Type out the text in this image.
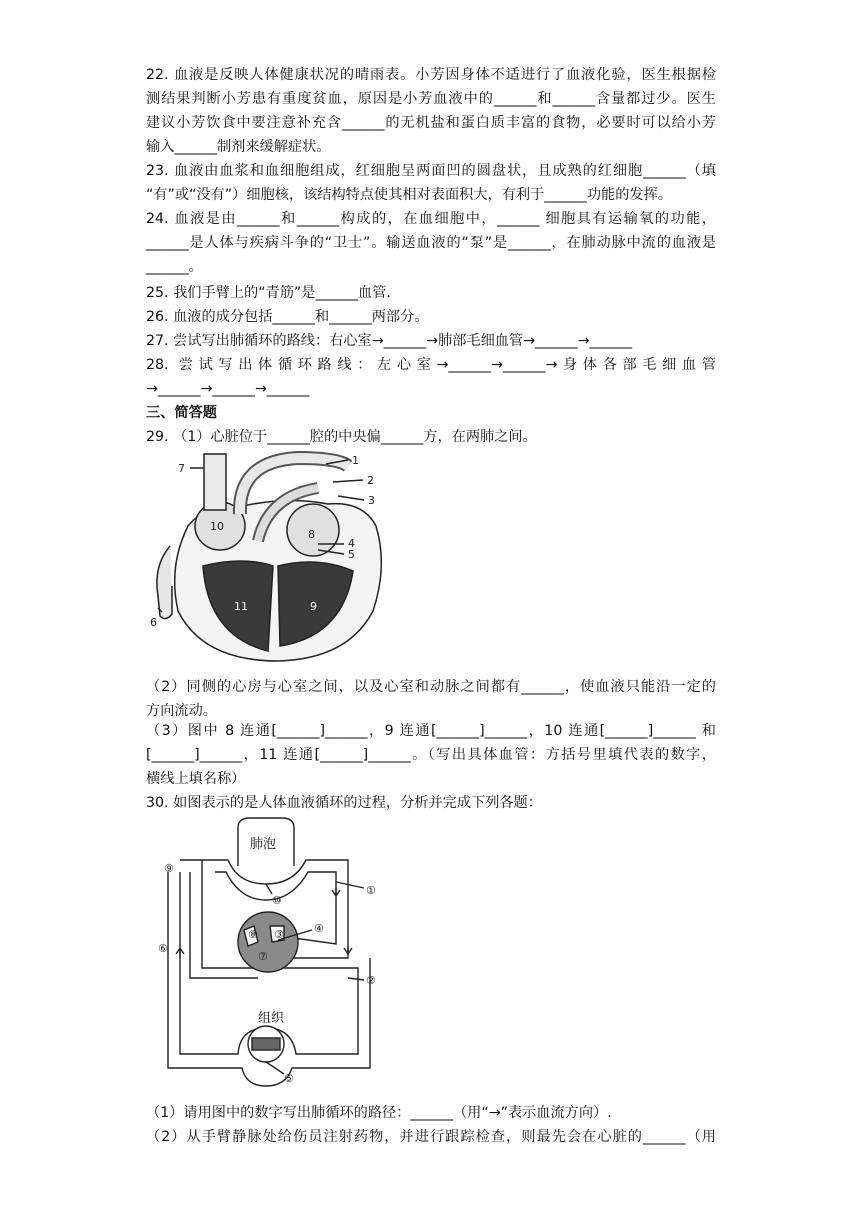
22. 血液是反映人体健康状况的晴雨表。小芳因身体不适进行了血液化验，医生根据检
测结果判断小芳患有重度贫血，原因是小芳血液中的______和______含量都过少。医生
建议小芳饮食中要注意补充含______的无机盐和蛋白质丰富的食物，必要时可以给小芳
输入______制剂来缓解症状。
23. 血液由血浆和血细胞组成，红细胞呈两面凹的圆盘状，且成熟的红细胞______（填
“有”或“没有”）细胞核，该结构特点使其相对表面积大，有利于______功能的发挥。
24. 血液是由______和______构成的，在血细胞中，______ 细胞具有运输氧的功能，
______是人体与疾病斗争的“卫士”。输送血液的“泵”是______，在肺动脉中流的血液是
______。
25. 我们手臂上的“青筋”是______血管．
26. 血液的成分包括______和______两部分。
27. 尝试写出肺循环的路线：右心室→______→肺部毛细血管→______→______
28. 尝试写出体循环路线：左心室→______→______→身体各部毛细血管
→______→______→______
三、简答题
29. （1）心脏位于______腔的中央偏______方，在两肺之间。
1
2
3
4
5
6
7
8
9
10
11
（2）同侧的心房与心室之间，以及心室和动脉之间都有______，使血液只能沿一定的
方向流动。
（3）图中 8 连通[______]______，9 连通[______]______，10 连通[______]______ 和
[______]______，11 连通[______]______。（写出具体血管：方括号里填代表的数字，
横线上填名称）
30. 如图表示的是人体血液循环的过程，分析并完成下列各题：
肺泡
组织
①
②
③	④
⑤
⑥
⑦
⑧
⑨
⑩
（1）请用图中的数字写出肺循环的路径：______（用“→”表示血流方向）.
（2）从手臂静脉处给伤员注射药物，并进行跟踪检查，则最先会在心脏的______（用
